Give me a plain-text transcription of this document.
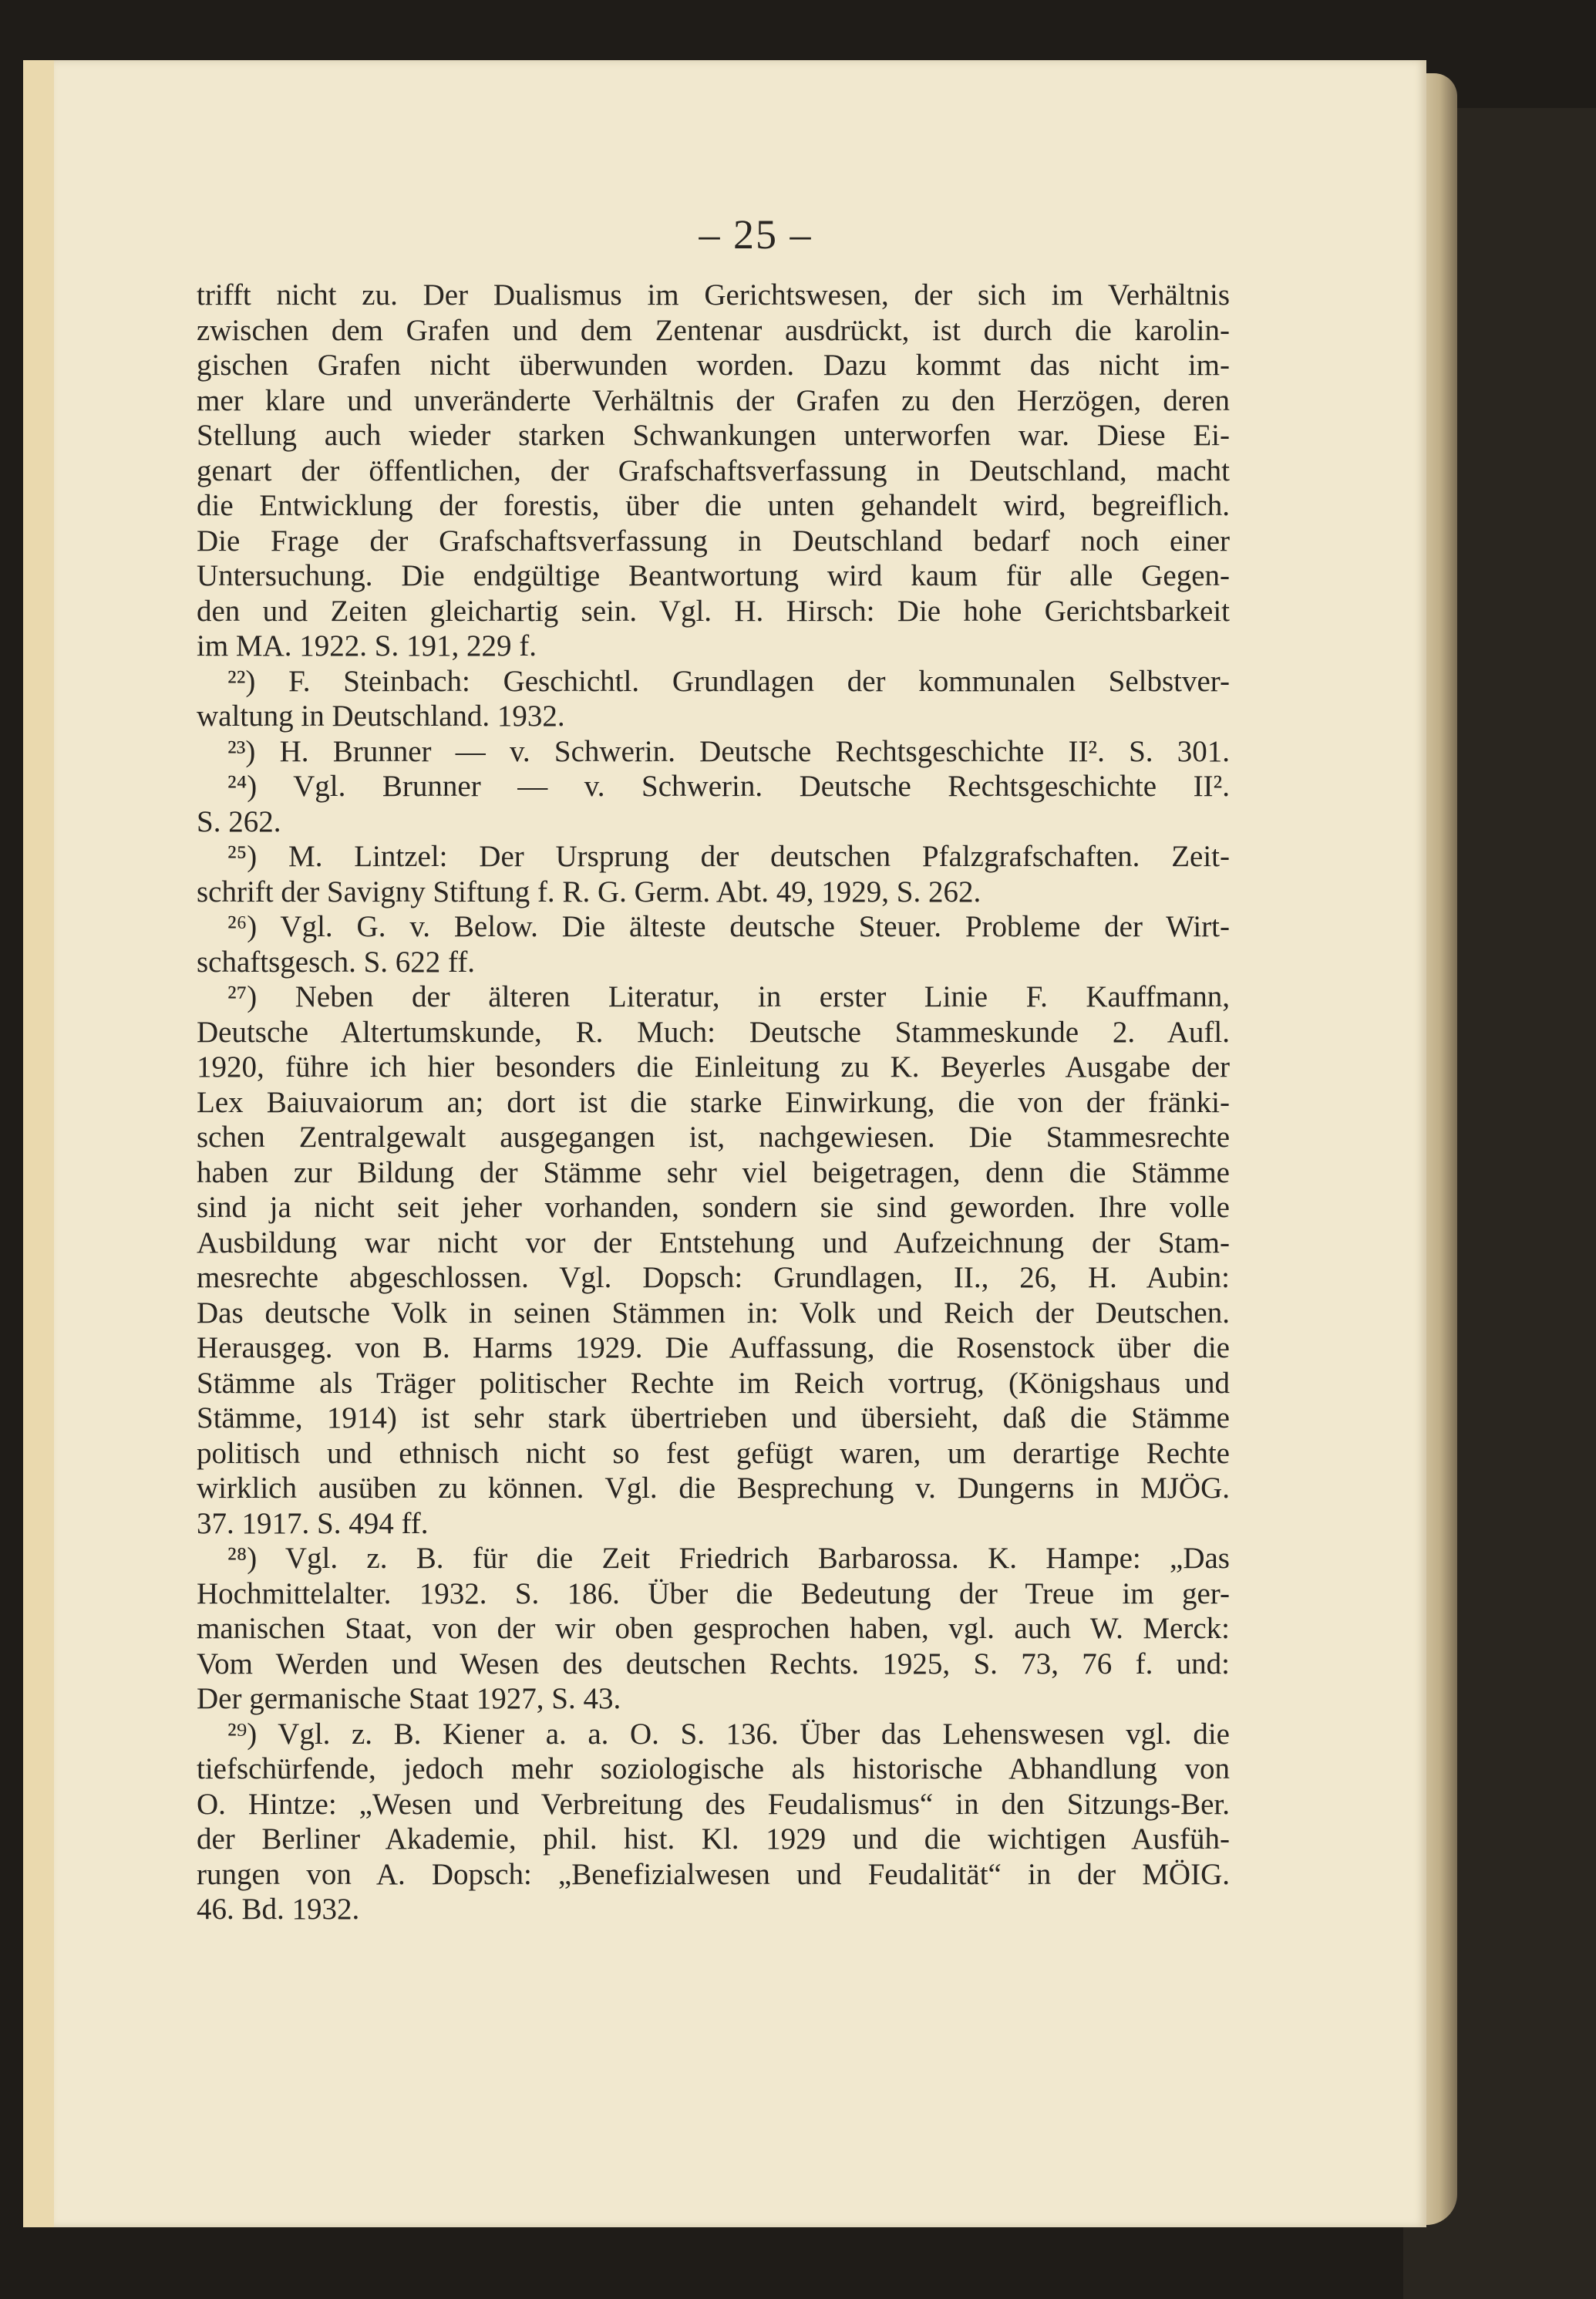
– 25 –
trifft nicht zu. Der Dualismus im Gerichtswesen, der sich im Verhältnis
zwischen dem Grafen und dem Zentenar ausdrückt, ist durch die karolin-
gischen Grafen nicht überwunden worden. Dazu kommt das nicht im-
mer klare und unveränderte Verhältnis der Grafen zu den Herzögen, deren
Stellung auch wieder starken Schwankungen unterworfen war. Diese Ei-
genart der öffentlichen, der Grafschaftsverfassung in Deutschland, macht
die Entwicklung der forestis, über die unten gehandelt wird, begreiflich.
Die Frage der Grafschaftsverfassung in Deutschland bedarf noch einer
Untersuchung. Die endgültige Beantwortung wird kaum für alle Gegen-
den und Zeiten gleichartig sein. Vgl. H. Hirsch: Die hohe Gerichtsbarkeit
im MA. 1922. S. 191, 229 f.
²²) F. Steinbach: Geschichtl. Grundlagen der kommunalen Selbstver-
waltung in Deutschland. 1932.
²³) H. Brunner — v. Schwerin. Deutsche Rechtsgeschichte II². S. 301.
²⁴) Vgl. Brunner — v. Schwerin. Deutsche Rechtsgeschichte II².
S. 262.
²⁵) M. Lintzel: Der Ursprung der deutschen Pfalzgrafschaften. Zeit-
schrift der Savigny Stiftung f. R. G. Germ. Abt. 49, 1929, S. 262.
²⁶) Vgl. G. v. Below. Die älteste deutsche Steuer. Probleme der Wirt-
schaftsgesch. S. 622 ff.
²⁷) Neben der älteren Literatur, in erster Linie F. Kauffmann,
Deutsche Altertumskunde, R. Much: Deutsche Stammeskunde 2. Aufl.
1920, führe ich hier besonders die Einleitung zu K. Beyerles Ausgabe der
Lex Baiuvaiorum an; dort ist die starke Einwirkung, die von der fränki-
schen Zentralgewalt ausgegangen ist, nachgewiesen. Die Stammesrechte
haben zur Bildung der Stämme sehr viel beigetragen, denn die Stämme
sind ja nicht seit jeher vorhanden, sondern sie sind geworden. Ihre volle
Ausbildung war nicht vor der Entstehung und Aufzeichnung der Stam-
mesrechte abgeschlossen. Vgl. Dopsch: Grundlagen, II., 26, H. Aubin:
Das deutsche Volk in seinen Stämmen in: Volk und Reich der Deutschen.
Herausgeg. von B. Harms 1929. Die Auffassung, die Rosenstock über die
Stämme als Träger politischer Rechte im Reich vortrug, (Königshaus und
Stämme, 1914) ist sehr stark übertrieben und übersieht, daß die Stämme
politisch und ethnisch nicht so fest gefügt waren, um derartige Rechte
wirklich ausüben zu können. Vgl. die Besprechung v. Dungerns in MJÖG.
37. 1917. S. 494 ff.
²⁸) Vgl. z. B. für die Zeit Friedrich Barbarossa. K. Hampe: „Das
Hochmittelalter. 1932. S. 186. Über die Bedeutung der Treue im ger-
manischen Staat, von der wir oben gesprochen haben, vgl. auch W. Merck:
Vom Werden und Wesen des deutschen Rechts. 1925, S. 73, 76 f. und:
Der germanische Staat 1927, S. 43.
²⁹) Vgl. z. B. Kiener a. a. O. S. 136. Über das Lehenswesen vgl. die
tiefschürfende, jedoch mehr soziologische als historische Abhandlung von
O. Hintze: „Wesen und Verbreitung des Feudalismus“ in den Sitzungs-Ber.
der Berliner Akademie, phil. hist. Kl. 1929 und die wichtigen Ausfüh-
rungen von A. Dopsch: „Benefizialwesen und Feudalität“ in der MÖIG.
46. Bd. 1932.
